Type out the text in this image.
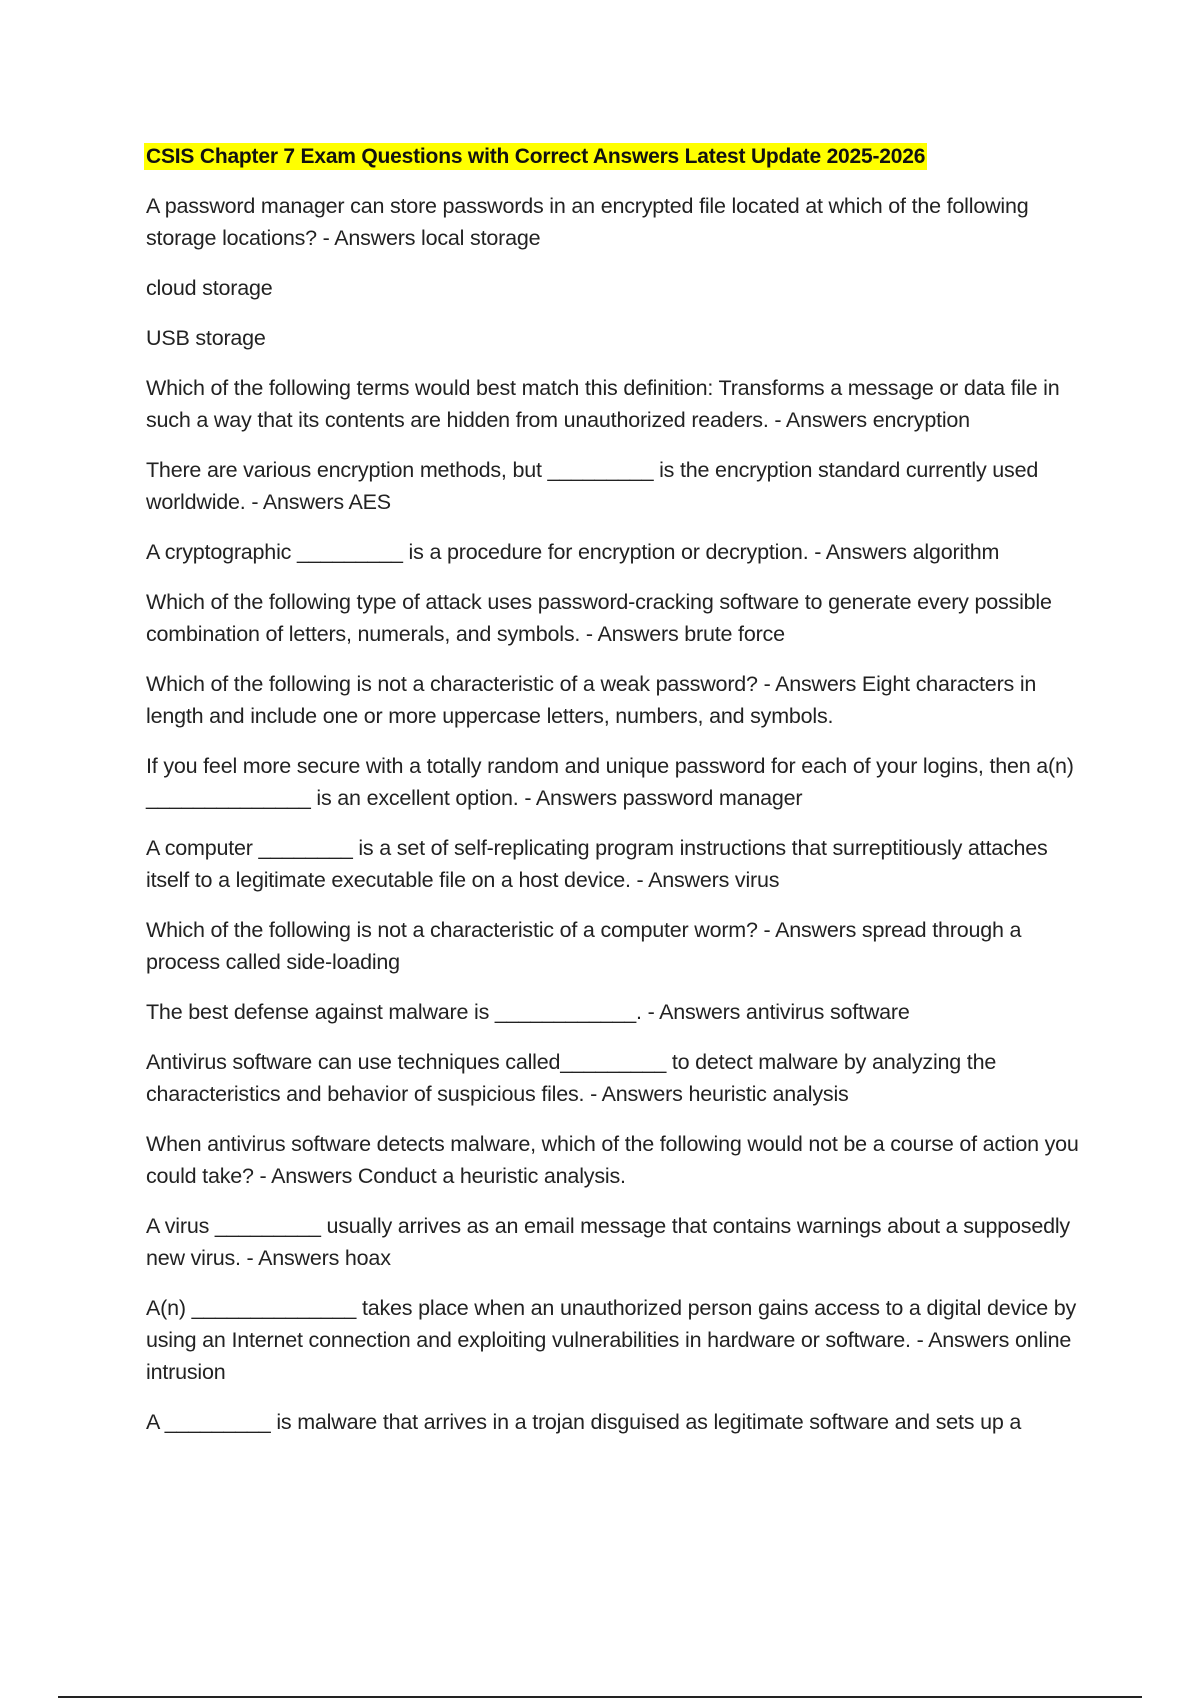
CSIS Chapter 7 Exam Questions with Correct Answers Latest Update 2025-2026
A password manager can store passwords in an encrypted file located at which of the following storage locations? - Answers local storage
cloud storage
USB storage
Which of the following terms would best match this definition: Transforms a message or data file in such a way that its contents are hidden from unauthorized readers. - Answers encryption
There are various encryption methods, but _________ is the encryption standard currently used worldwide. - Answers AES
A cryptographic _________ is a procedure for encryption or decryption. - Answers algorithm
Which of the following type of attack uses password-cracking software to generate every possible combination of letters, numerals, and symbols. - Answers brute force
Which of the following is not a characteristic of a weak password? - Answers Eight characters in length and include one or more uppercase letters, numbers, and symbols.
If you feel more secure with a totally random and unique password for each of your logins, then a(n) ______________ is an excellent option. - Answers password manager
A computer ________ is a set of self-replicating program instructions that surreptitiously attaches itself to a legitimate executable file on a host device. - Answers virus
Which of the following is not a characteristic of a computer worm? - Answers spread through a process called side-loading
The best defense against malware is ____________. - Answers antivirus software
Antivirus software can use techniques called_________ to detect malware by analyzing the characteristics and behavior of suspicious files. - Answers heuristic analysis
When antivirus software detects malware, which of the following would not be a course of action you could take? - Answers Conduct a heuristic analysis.
A virus _________ usually arrives as an email message that contains warnings about a supposedly new virus. - Answers hoax
A(n) ______________ takes place when an unauthorized person gains access to a digital device by using an Internet connection and exploiting vulnerabilities in hardware or software. - Answers online intrusion
A _________ is malware that arrives in a trojan disguised as legitimate software and sets up a
